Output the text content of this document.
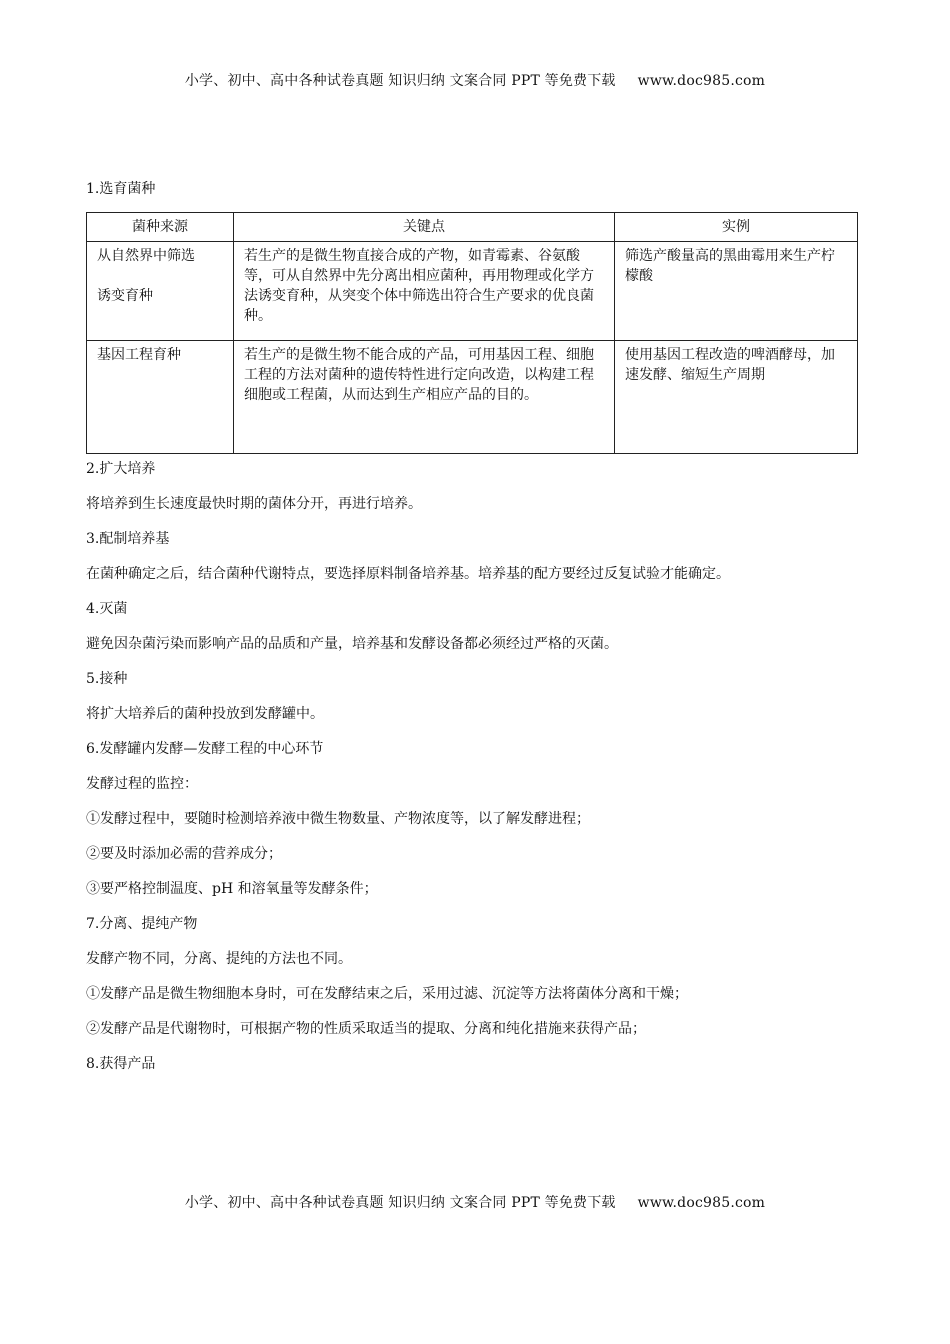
小学、初中、高中各种试卷真题 知识归纳 文案合同 PPT 等免费下载 www.doc985.com

1.选育菌种

菌种来源	关键点	实例

从自然界中筛选
诱变育种	若生产的是微生物直接合成的产物，如青霉素、谷氨酸等，可从自然界中先分离出相应菌种，再用物理或化学方法诱变育种，从突变个体中筛选出符合生产要求的优良菌种。	筛选产酸量高的黑曲霉用来生产柠檬酸

基因工程育种	若生产的是微生物不能合成的产品，可用基因工程、细胞工程的方法对菌种的遗传特性进行定向改造，以构建工程细胞或工程菌，从而达到生产相应产品的目的。	使用基因工程改造的啤酒酵母，加速发酵、缩短生产周期

2.扩大培养

将培养到生长速度最快时期的菌体分开，再进行培养。

3.配制培养基

在菌种确定之后，结合菌种代谢特点，要选择原料制备培养基。培养基的配方要经过反复试验才能确定。

4.灭菌

避免因杂菌污染而影响产品的品质和产量，培养基和发酵设备都必须经过严格的灭菌。

5.接种

将扩大培养后的菌种投放到发酵罐中。

6.发酵罐内发酵—发酵工程的中心环节

发酵过程的监控：

①发酵过程中，要随时检测培养液中微生物数量、产物浓度等，以了解发酵进程；

②要及时添加必需的营养成分；

③要严格控制温度、pH 和溶氧量等发酵条件；

7.分离、提纯产物

发酵产物不同，分离、提纯的方法也不同。

①发酵产品是微生物细胞本身时，可在发酵结束之后，采用过滤、沉淀等方法将菌体分离和干燥；

②发酵产品是代谢物时，可根据产物的性质采取适当的提取、分离和纯化措施来获得产品；

8.获得产品

小学、初中、高中各种试卷真题 知识归纳 文案合同 PPT 等免费下载 www.doc985.com
